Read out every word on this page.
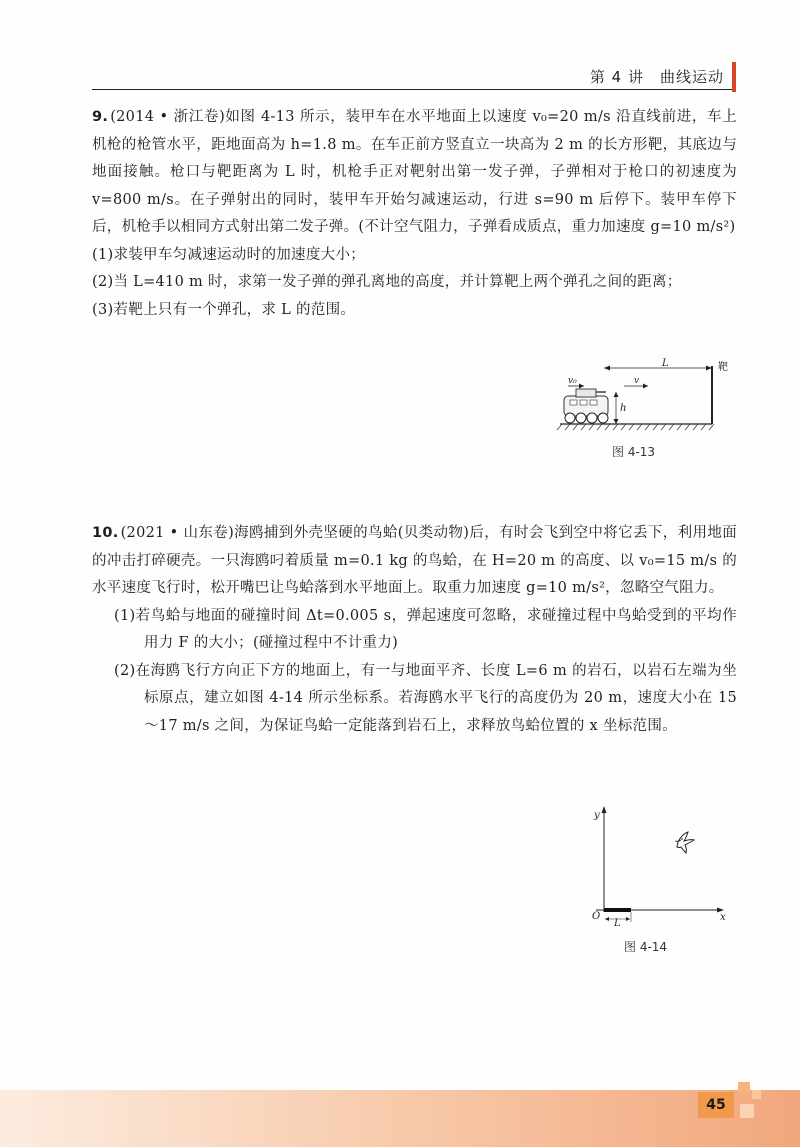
第 4 讲　曲线运动
9. (2014 • 浙江卷)如图 4-13 所示，装甲车在水平地面上以速度 v₀=20 m/s 沿直线前进，车上机枪的枪管水平，距地面高为 h=1.8 m。在车正前方竖直立一块高为 2 m 的长方形靶，其底边与地面接触。枪口与靶距离为 L 时，机枪手正对靶射出第一发子弹，子弹相对于枪口的初速度为 v=800 m/s。在子弹射出的同时，装甲车开始匀减速运动，行进 s=90 m 后停下。装甲车停下后，机枪手以相同方式射出第二发子弹。(不计空气阻力，子弹看成质点，重力加速度 g=10 m/s²)
(1)求装甲车匀减速运动时的加速度大小；
(2)当 L=410 m 时，求第一发子弹的弹孔离地的高度，并计算靶上两个弹孔之间的距离；
(3)若靶上只有一个弹孔，求 L 的范围。
靶
L
v₀	v
h
图 4-13
10. (2021 • 山东卷)海鸥捕到外壳坚硬的鸟蛤(贝类动物)后，有时会飞到空中将它丢下，利用地面的冲击打碎硬壳。一只海鸥叼着质量 m=0.1 kg 的鸟蛤，在 H=20 m 的高度、以 v₀=15 m/s 的水平速度飞行时，松开嘴巴让鸟蛤落到水平地面上。取重力加速度 g=10 m/s²，忽略空气阻力。
(1)若鸟蛤与地面的碰撞时间 Δt=0.005 s，弹起速度可忽略，求碰撞过程中鸟蛤受到的平均作用力 F 的大小；(碰撞过程中不计重力)
(2)在海鸥飞行方向正下方的地面上，有一与地面平齐、长度 L=6 m 的岩石，以岩石左端为坐标原点，建立如图 4-14 所示坐标系。若海鸥水平飞行的高度仍为 20 m，速度大小在 15～17 m/s 之间，为保证鸟蛤一定能落到岩石上，求释放鸟蛤位置的 x 坐标范围。
y
x
O
L
图 4-14
45
